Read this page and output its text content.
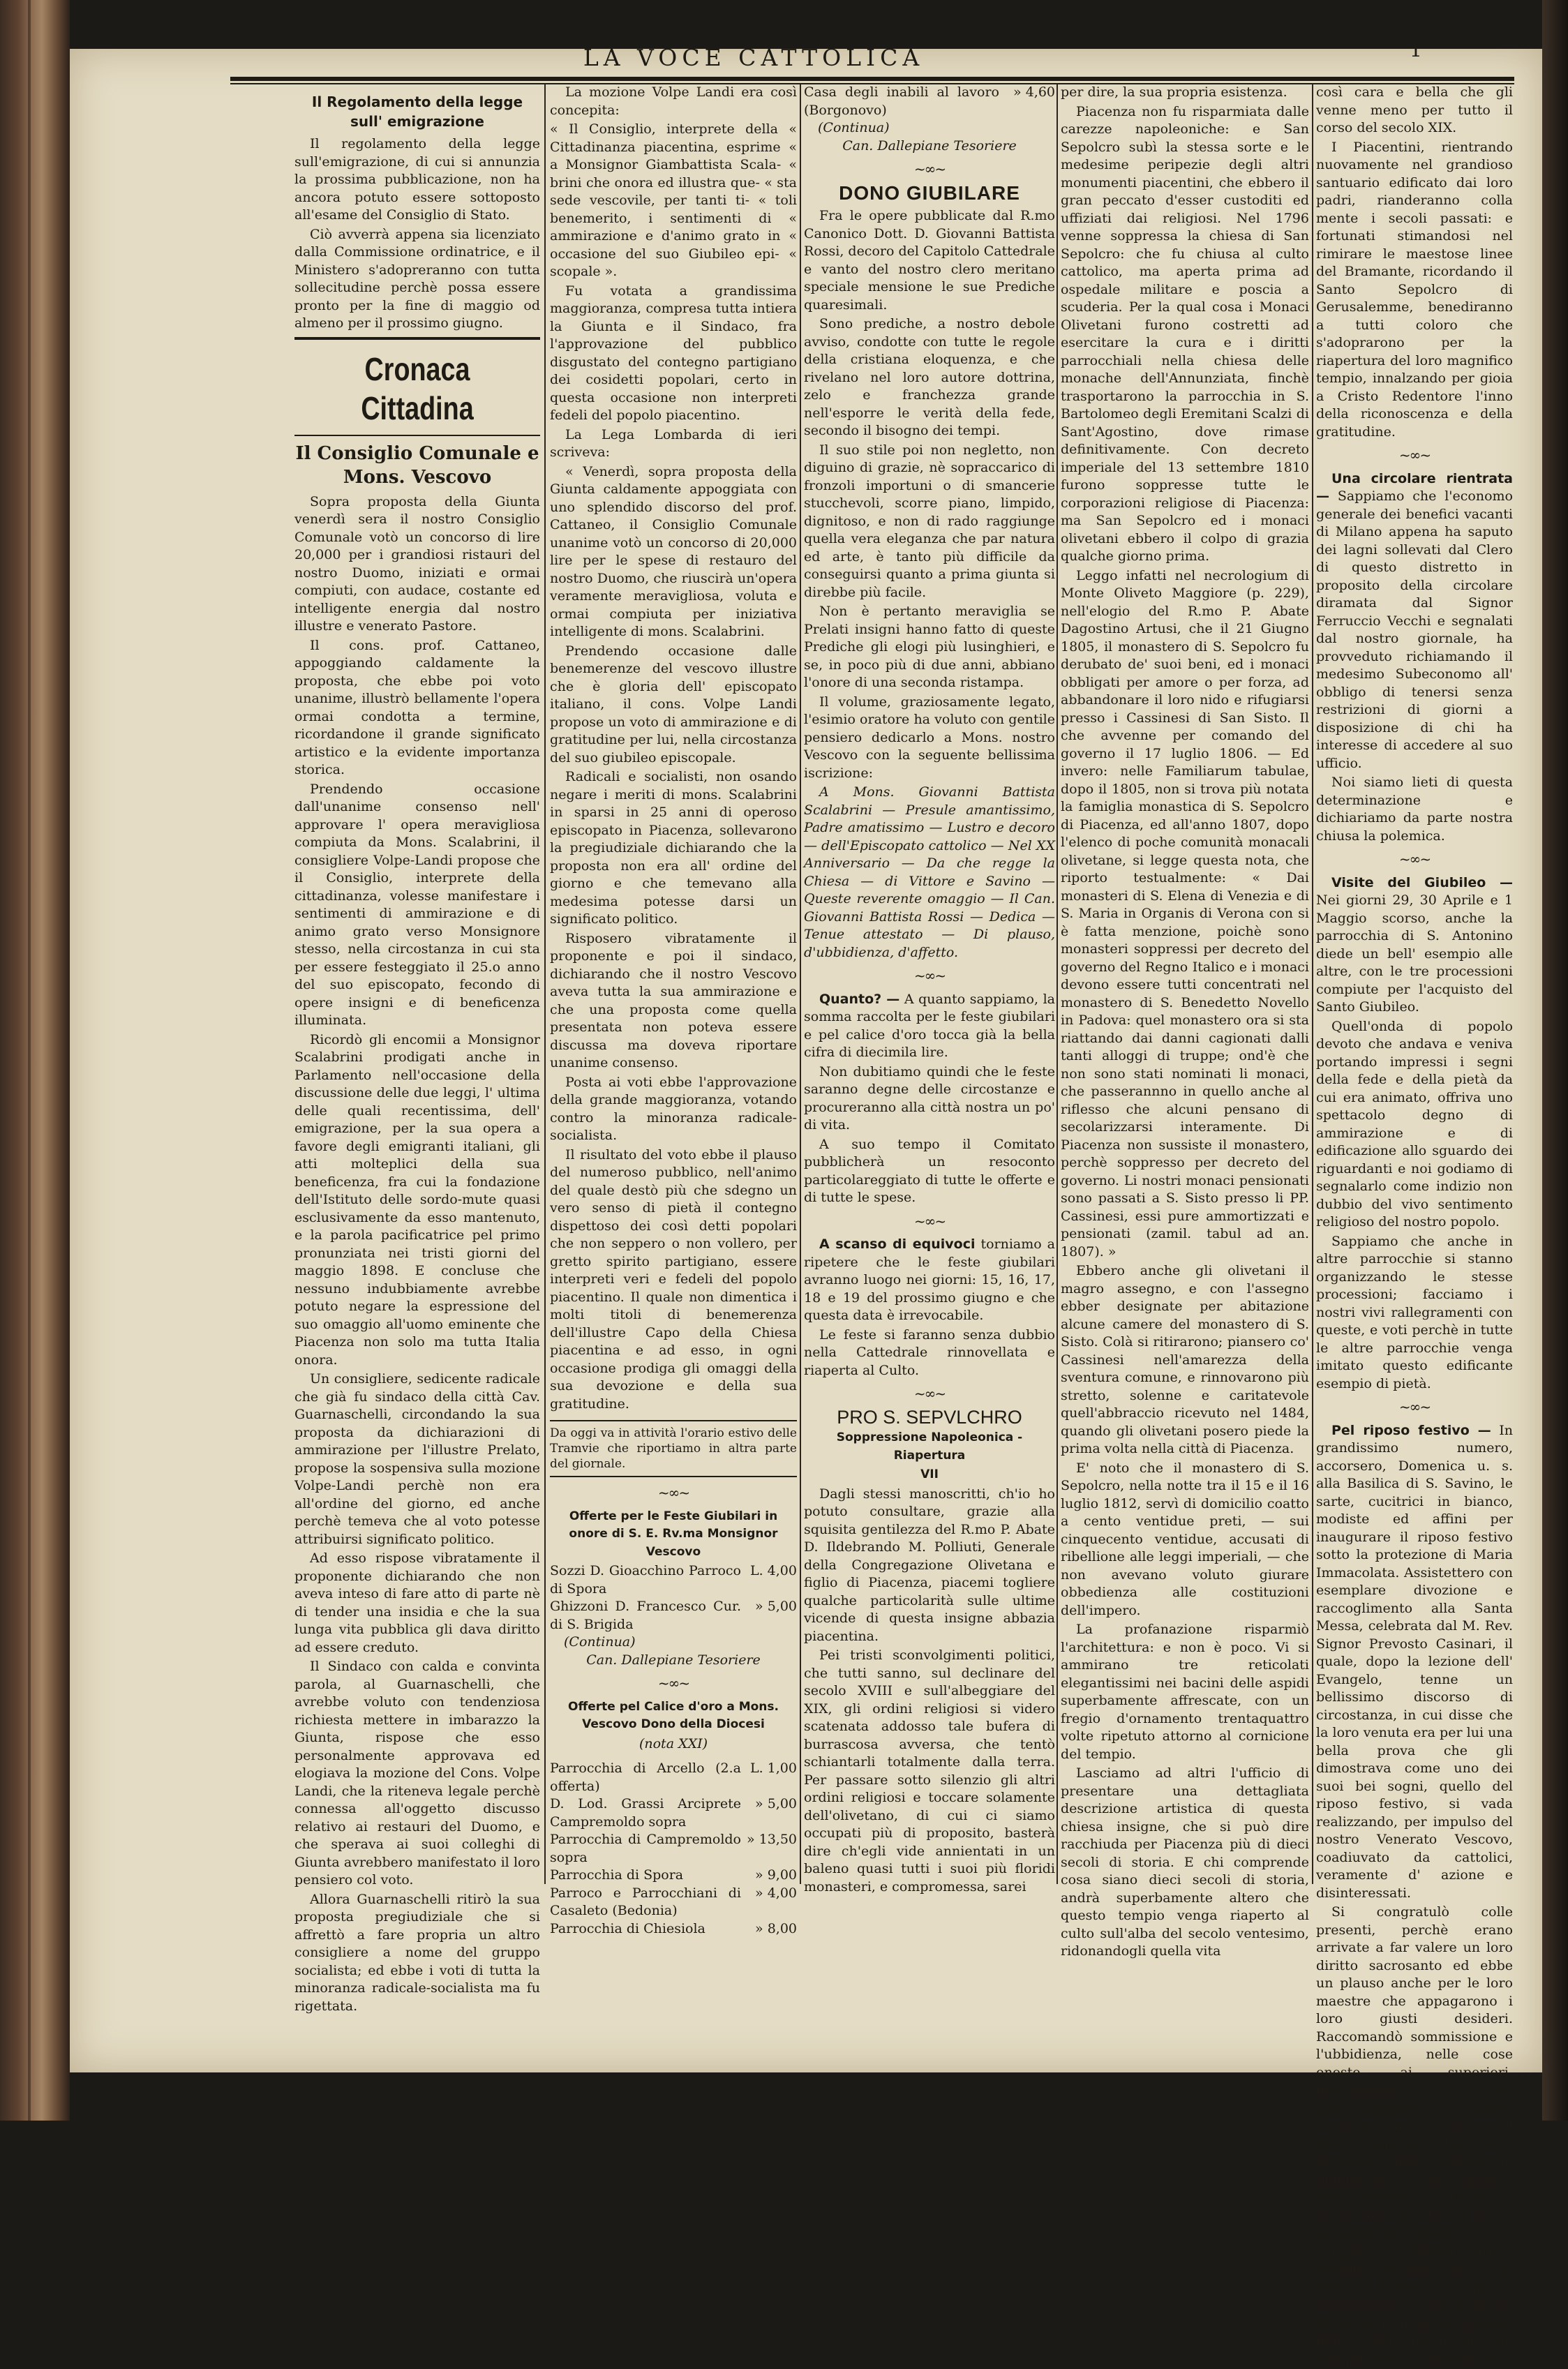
LA VOCE CATTOLICA	1
Il Regolamento della legge sull' emigrazione

Il regolamento della legge sull'emigrazione, di cui si annunzia la prossima pubblicazione, non ha ancora potuto essere sottoposto all'esame del Consiglio di Stato.

Ciò avverrà appena sia licenziato dalla Commissione ordinatrice, e il Ministero s'adopreranno con tutta sollecitudine perchè possa essere pronto per la fine di maggio od almeno per il prossimo giugno.

Cronaca Cittadina
Il Consiglio Comunale e Mons. Vescovo

Sopra proposta della Giunta venerdì sera il nostro Consiglio Comunale votò un concorso di lire 20,000 per i grandiosi ristauri del nostro Duomo, iniziati e ormai compiuti, con audace, costante ed intelligente energia dal nostro illustre e venerato Pastore.

Il cons. prof. Cattaneo, appoggiando caldamente la proposta, che ebbe poi voto unanime, illustrò bellamente l'opera ormai condotta a termine, ricordandone il grande significato artistico e la evidente importanza storica.

Prendendo occasione dall'unanime consenso nell' approvare l' opera meravigliosa compiuta da Mons. Scalabrini, il consigliere Volpe-Landi propose che il Consiglio, interprete della cittadinanza, volesse manifestare i sentimenti di ammirazione e di animo grato verso Monsignore stesso, nella circostanza in cui sta per essere festeggiato il 25.o anno del suo episcopato, fecondo di opere insigni e di beneficenza illuminata.

Ricordò gli encomii a Monsignor Scalabrini prodigati anche in Parlamento nell'occasione della discussione delle due leggi, l' ultima delle quali recentissima, dell' emigrazione, per la sua opera a favore degli emigranti italiani, gli atti molteplici della sua beneficenza, fra cui la fondazione dell'Istituto delle sordo-mute quasi esclusivamente da esso mantenuto, e la parola pacificatrice pel primo pronunziata nei tristi giorni del maggio 1898. E concluse che nessuno indubbiamente avrebbe potuto negare la espressione del suo omaggio all'uomo eminente che Piacenza non solo ma tutta Italia onora.

Un consigliere, sedicente radicale che già fu sindaco della città Cav. Guarnaschelli, circondando la sua proposta da dichiarazioni di ammirazione per l'illustre Prelato, propose la sospensiva sulla mozione Volpe-Landi perchè non era all'ordine del giorno, ed anche perchè temeva che al voto potesse attribuirsi significato politico.

Ad esso rispose vibratamente il proponente dichiarando che non aveva inteso di fare atto di parte nè di tender una insidia e che la sua lunga vita pubblica gli dava diritto ad essere creduto.

Il Sindaco con calda e convinta parola, al Guarnaschelli, che avrebbe voluto con tendenziosa richiesta mettere in imbarazzo la Giunta, rispose che esso personalmente approvava ed elogiava la mozione del Cons. Volpe Landi, che la riteneva legale perchè connessa all'oggetto discusso relativo ai restauri del Duomo, e che sperava ai suoi colleghi di Giunta avrebbero manifestato il loro pensiero col voto.

Allora Guarnaschelli ritirò la sua proposta pregiudiziale che si affrettò a fare propria un altro consigliere a nome del gruppo socialista; ed ebbe i voti di tutta la minoranza radicale-socialista ma fu rigettata.

La mozione Volpe Landi era così concepita:

« Il Consiglio, interprete della « Cittadinanza piacentina, esprime « a Monsignor Giambattista Scala- « brini che onora ed illustra que- « sta sede vescovile, per tanti ti- « toli benemerito, i sentimenti di « ammirazione e d'animo grato in « occasione del suo Giubileo epi- « scopale ».

Fu votata a grandissima maggioranza, compresa tutta intiera la Giunta e il Sindaco, fra l'approvazione del pubblico disgustato del contegno partigiano dei cosidetti popolari, certo in questa occasione non interpreti fedeli del popolo piacentino.

La Lega Lombarda di ieri scriveva:

« Venerdì, sopra proposta della Giunta caldamente appoggiata con uno splendido discorso del prof. Cattaneo, il Consiglio Comunale unanime votò un concorso di 20,000 lire per le spese di restauro del nostro Duomo, che riuscirà un'opera veramente meravigliosa, voluta e ormai compiuta per iniziativa intelligente di mons. Scalabrini.

Prendendo occasione dalle benemerenze del vescovo illustre che è gloria dell' episcopato italiano, il cons. Volpe Landi propose un voto di ammirazione e di gratitudine per lui, nella circostanza del suo giubileo episcopale.

Radicali e socialisti, non osando negare i meriti di mons. Scalabrini in sparsi in 25 anni di operoso episcopato in Piacenza, sollevarono la pregiudiziale dichiarando che la proposta non era all' ordine del giorno e che temevano alla medesima potesse darsi un significato politico.

Risposero vibratamente il proponente e poi il sindaco, dichiarando che il nostro Vescovo aveva tutta la sua ammirazione e che una proposta come quella presentata non poteva essere discussa ma doveva riportare unanime consenso.

Posta ai voti ebbe l'approvazione della grande maggioranza, votando contro la minoranza radicale-socialista.

Il risultato del voto ebbe il plauso del numeroso pubblico, nell'animo del quale destò più che sdegno un vero senso di pietà il contegno dispettoso dei così detti popolari che non seppero o non vollero, per gretto spirito partigiano, essere interpreti veri e fedeli del popolo piacentino. Il quale non dimentica i molti titoli di benemerenza dell'illustre Capo della Chiesa piacentina e ad esso, in ogni occasione prodiga gli omaggi della sua devozione e della sua gratitudine.

Da oggi va in attività l'orario estivo delle Tramvie che riportiamo in altra parte del giornale.
~∞~
Offerte per le Feste Giubilari in onore di S. E. Rv.ma Monsignor Vescovo
Sozzi D. Gioacchino Parroco di Spora	L. 4,00
Ghizzoni D. Francesco Cur. di S. Brigida	» 5,00
(Continua)
Can. Dallepiane Tesoriere
~∞~
Offerte pel Calice d'oro a Mons. Vescovo Dono della Diocesi
(nota XXI)
Parrocchia di Arcello (2.a offerta)	L. 1,00
D. Lod. Grassi Arciprete Campremoldo sopra	» 5,00
Parrocchia di Campremoldo sopra	» 13,50
Parrocchia di Spora	» 9,00
Parroco e Parrocchiani di Casaleto (Bedonia)	» 4,00
Parrocchia di Chiesiola	» 8,00
Casa degli inabili al lavoro (Borgonovo)	» 4,60
(Continua)
Can. Dallepiane Tesoriere
~∞~
DONO GIUBILARE

Fra le opere pubblicate dal R.mo Canonico Dott. D. Giovanni Battista Rossi, decoro del Capitolo Cattedrale e vanto del nostro clero meritano speciale mensione le sue Prediche quaresimali.

Sono prediche, a nostro debole avviso, condotte con tutte le regole della cristiana eloquenza, e che rivelano nel loro autore dottrina, zelo e franchezza grande nell'esporre le verità della fede, secondo il bisogno dei tempi.

Il suo stile poi non negletto, non diguino di grazie, nè sopraccarico di fronzoli importuni o di smancerie stucchevoli, scorre piano, limpido, dignitoso, e non di rado raggiunge quella vera eleganza che par natura ed arte, è tanto più difficile da conseguirsi quanto a prima giunta si direbbe più facile.

Non è pertanto meraviglia se Prelati insigni hanno fatto di queste Prediche gli elogi più lusinghieri, e se, in poco più di due anni, abbiano l'onore di una seconda ristampa.

Il volume, graziosamente legato, l'esimio oratore ha voluto con gentile pensiero dedicarlo a Mons. nostro Vescovo con la seguente bellissima iscrizione:

A Mons. Giovanni Battista Scalabrini — Presule amantissimo, Padre amatissimo — Lustro e decoro — dell'Episcopato cattolico — Nel XX Anniversario — Da che regge la Chiesa — di Vittore e Savino — Queste reverente omaggio — Il Can. Giovanni Battista Rossi — Dedica — Tenue attestato — Di plauso, d'ubbidienza, d'affetto.

~∞~

Quanto? — A quanto sappiamo, la somma raccolta per le feste giubilari e pel calice d'oro tocca già la bella cifra di diecimila lire.

Non dubitiamo quindi che le feste saranno degne delle circostanze e procureranno alla città nostra un po' di vita.

A suo tempo il Comitato pubblicherà un resoconto particolareggiato di tutte le offerte e di tutte le spese.

~∞~

A scanso di equivoci torniamo a ripetere che le feste giubilari avranno luogo nei giorni: 15, 16, 17, 18 e 19 del prossimo giugno e che questa data è irrevocabile.

Le feste si faranno senza dubbio nella Cattedrale rinnovellata e riaperta al Culto.

~∞~
PRO S. SEPVLCHRO
Soppressione Napoleonica - Riapertura
VII

Dagli stessi manoscritti, ch'io ho potuto consultare, grazie alla squisita gentilezza del R.mo P. Abate D. Ildebrando M. Polliuti, Generale della Congregazione Olivetana e figlio di Piacenza, piacemi togliere qualche particolarità sulle ultime vicende di questa insigne abbazia piacentina.

Pei tristi sconvolgimenti politici, che tutti sanno, sul declinare del secolo XVIII e sull'albeggiare del XIX, gli ordini religiosi si videro scatenata addosso tale bufera di burrascosa avversa, che tentò schiantarli totalmente dalla terra. Per passare sotto silenzio gli altri ordini religiosi e toccare solamente dell'olivetano, di cui ci siamo occupati più di proposito, basterà dire ch'egli vide annientati in un baleno quasi tutti i suoi più floridi monasteri, e compromessa, sarei

per dire, la sua propria esistenza.

Piacenza non fu risparmiata dalle carezze napoleoniche: e San Sepolcro subì la stessa sorte e le medesime peripezie degli altri monumenti piacentini, che ebbero il gran peccato d'esser custoditi ed uffiziati dai religiosi. Nel 1796 venne soppressa la chiesa di San Sepolcro: che fu chiusa al culto cattolico, ma aperta prima ad ospedale militare e poscia a scuderia. Per la qual cosa i Monaci Olivetani furono costretti ad esercitare la cura e i diritti parrocchiali nella chiesa delle monache dell'Annunziata, finchè trasportarono la parrocchia in S. Bartolomeo degli Eremitani Scalzi di Sant'Agostino, dove rimase definitivamente. Con decreto imperiale del 13 settembre 1810 furono soppresse tutte le corporazioni religiose di Piacenza: ma San Sepolcro ed i monaci olivetani ebbero il colpo di grazia qualche giorno prima.

Leggo infatti nel necrologium di Monte Oliveto Maggiore (p. 229), nell'elogio del R.mo P. Abate Dagostino Artusi, che il 21 Giugno 1805, il monastero di S. Sepolcro fu derubato de' suoi beni, ed i monaci obbligati per amore o per forza, ad abbandonare il loro nido e rifugiarsi presso i Cassinesi di San Sisto. Il che avvenne per comando del governo il 17 luglio 1806. — Ed invero: nelle Familiarum tabulae, dopo il 1805, non si trova più notata la famiglia monastica di S. Sepolcro di Piacenza, ed all'anno 1807, dopo l'elenco di poche comunità monacali olivetane, si legge questa nota, che riporto testualmente: « Dai monasteri di S. Elena di Venezia e di S. Maria in Organis di Verona con si è fatta menzione, poichè sono monasteri soppressi per decreto del governo del Regno Italico e i monaci devono essere tutti concentrati nel monastero di S. Benedetto Novello in Padova: quel monastero ora si sta riattando dai danni cagionati dalli tanti alloggi di truppe; ond'è che non sono stati nominati li monaci, che passerannno in quello anche al riflesso che alcuni pensano di secolarizzarsi interamente. Di Piacenza non sussiste il monastero, perchè soppresso per decreto del governo. Li nostri monaci pensionati sono passati a S. Sisto presso li PP. Cassinesi, essi pure ammortizzati e pensionati (zamil. tabul ad an. 1807). »

Ebbero anche gli olivetani il magro assegno, e con l'assegno ebber designate per abitazione alcune camere del monastero di S. Sisto. Colà si ritirarono; piansero co' Cassinesi nell'amarezza della sventura comune, e rinnovarono più stretto, solenne e caritatevole quell'abbraccio ricevuto nel 1484, quando gli olivetani posero piede la prima volta nella città di Piacenza.

E' noto che il monastero di S. Sepolcro, nella notte tra il 15 e il 16 luglio 1812, servì di domicilio coatto a cento ventidue preti, — sui cinquecento ventidue, accusati di ribellione alle leggi imperiali, — che non avevano voluto giurare obbedienza alle costituzioni dell'impero.

La profanazione risparmiò l'architettura: e non è poco. Vi si ammirano tre reticolati elegantissimi nei bacini delle aspidi superbamente affrescate, con un fregio d'ornamento trentaquattro volte ripetuto attorno al cornicione del tempio.

Lasciamo ad altri l'ufficio di presentare una dettagliata descrizione artistica di questa chiesa insigne, che si può dire racchiuda per Piacenza più di dieci secoli di storia. E chi comprende cosa siano dieci secoli di storia, andrà superbamente altero che questo tempio venga riaperto al culto sull'alba del secolo ventesimo, ridonandogli quella vita

così cara e bella che gli venne meno per tutto il corso del secolo XIX.

I Piacentini, rientrando nuovamente nel grandioso santuario edificato dai loro padri, rianderanno colla mente i secoli passati: e fortunati stimandosi nel rimirare le maestose linee del Bramante, ricordando il Santo Sepolcro di Gerusalemme, benediranno a tutti coloro che s'adoprarono per la riapertura del loro magnifico tempio, innalzando per gioia a Cristo Redentore l'inno della riconoscenza e della gratitudine.

~∞~

Una circolare rientrata — Sappiamo che l'economo generale dei benefici vacanti di Milano appena ha saputo dei lagni sollevati dal Clero di questo distretto in proposito della circolare diramata dal Signor Ferruccio Vecchi e segnalati dal nostro giornale, ha provveduto richiamando il medesimo Subeconomo all' obbligo di tenersi senza restrizioni di giorni a disposizione di chi ha interesse di accedere al suo ufficio.

Noi siamo lieti di questa determinazione e dichiariamo da parte nostra chiusa la polemica.

~∞~

Visite del Giubileo — Nei giorni 29, 30 Aprile e 1 Maggio scorso, anche la parrocchia di S. Antonino diede un bell' esempio alle altre, con le tre processioni compiute per l'acquisto del Santo Giubileo.

Quell'onda di popolo devoto che andava e veniva portando impressi i segni della fede e della pietà da cui era animato, offriva uno spettacolo degno di ammirazione e di edificazione allo sguardo dei riguardanti e noi godiamo di segnalarlo come indizio non dubbio del vivo sentimento religioso del nostro popolo.

Sappiamo che anche in altre parrocchie si stanno organizzando le stesse processioni; facciamo i nostri vivi rallegramenti con queste, e voti perchè in tutte le altre parrocchie venga imitato questo edificante esempio di pietà.

~∞~

Pel riposo festivo — In grandissimo numero, accorsero, Domenica u. s. alla Basilica di S. Savino, le sarte, cucitrici in bianco, modiste ed affini per inaugurare il riposo festivo sotto la protezione di Maria Immacolata. Assistettero con esemplare divozione e raccoglimento alla Santa Messa, celebrata dal M. Rev. Signor Prevosto Casinari, il quale, dopo la lezione dell' Evangelo, tenne un bellissimo discorso di circostanza, in cui disse che la loro venuta era per lui una bella prova che gli dimostrava come uno dei suoi bei sogni, quello del riposo festivo, si vada realizzando, per impulso del nostro Venerato Vescovo, coadiuvato da cattolici, veramente d' azione e disinteressati.

Si congratulò colle presenti, perchè erano arrivate a far valere un loro diritto sacrosanto ed ebbe un plauso anche per le loro maestre che appagarono i loro giusti desideri. Raccomandò sommissione e l'ubbidienza, nelle cose oneste, ai superiori, dimostrando così contrariamente a quanto insegna un giornale del partito popolare, che la sola religione può sanare le piaghe della società, perchè non insegna soltanto a reclamare i diritti, ma anche ad adempire i doveri.

Finita la Messa furono cantate con vero slancio di fede le litanie e dopo la benedizione anche a Maria Ss. sotto il materno sguardo delle quali giovani operaie han proposto di camminare.
